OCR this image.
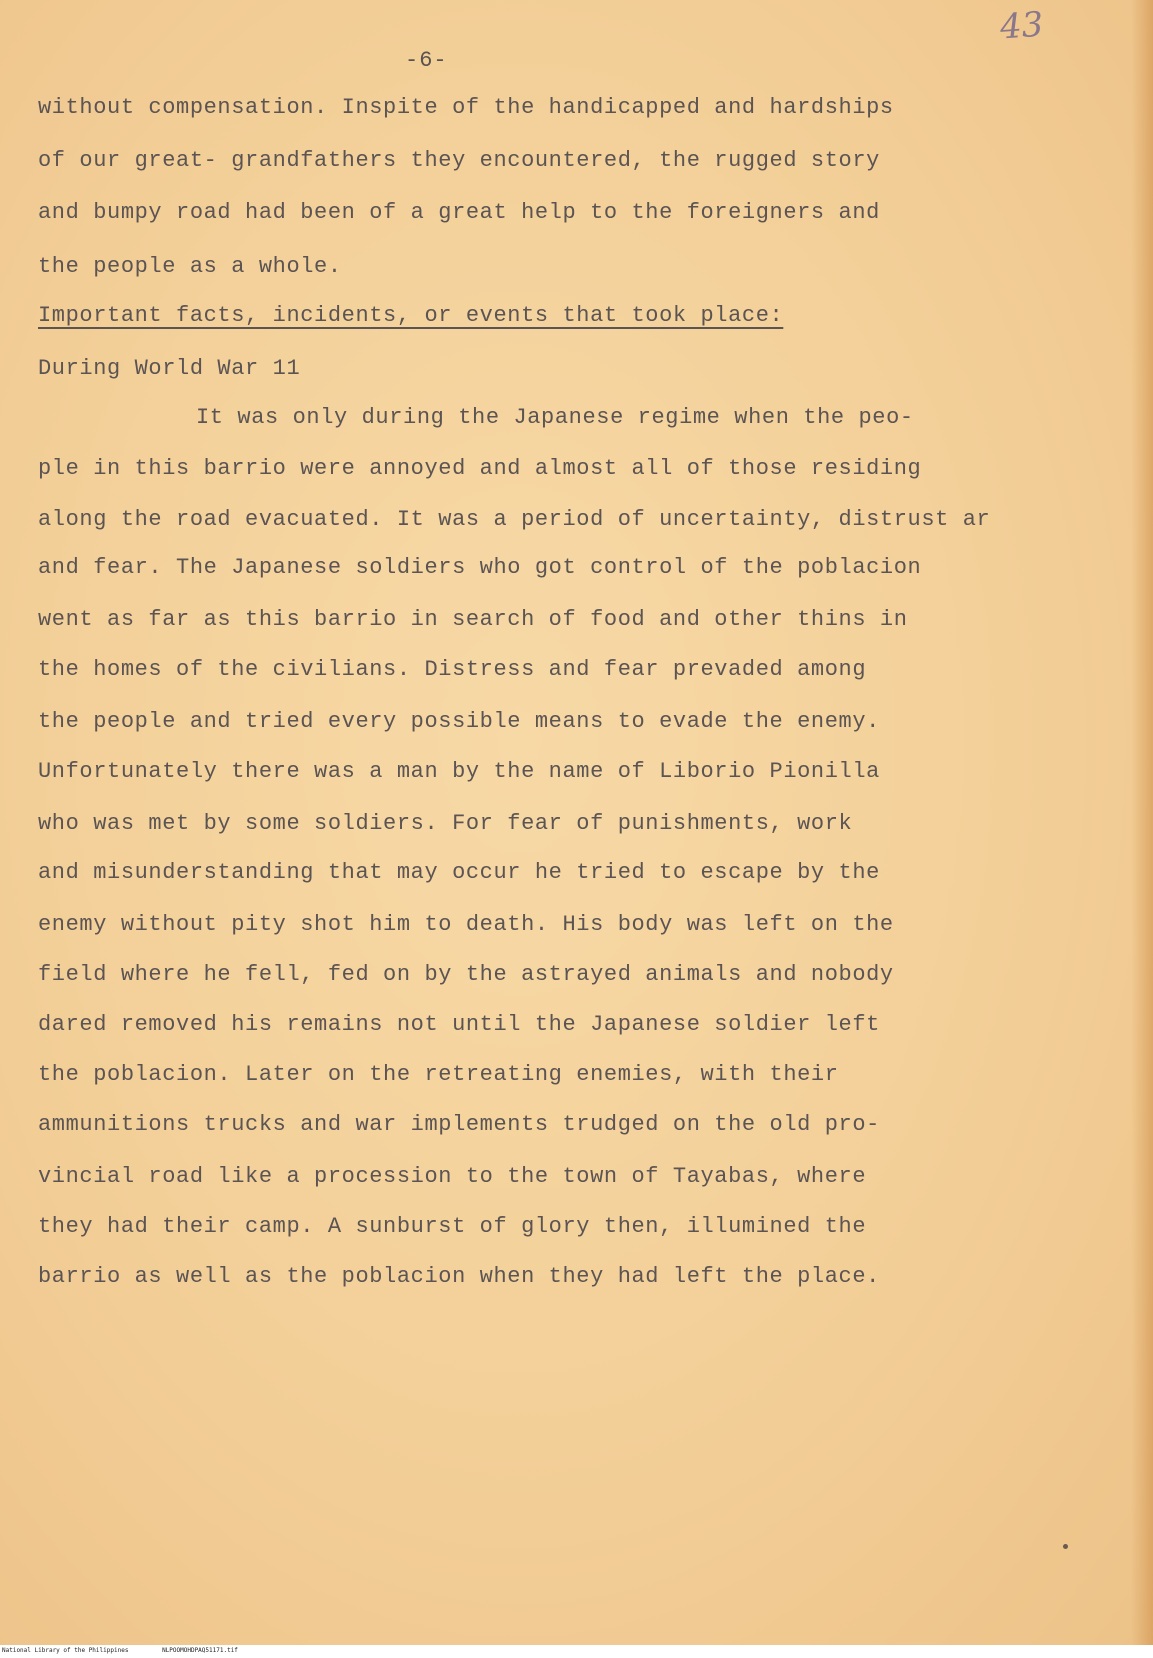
43
-6-
without compensation. Inspite of the handicapped and hardships
of our great- grandfathers they encountered, the rugged story
and bumpy road had been of a great help to the foreigners and
the people as a whole.
Important facts, incidents, or events that took place:
During World War 11
It was only during the Japanese regime when the peo-
ple in this barrio were annoyed and almost all of those residing
along the road evacuated. It was a period of uncertainty, distrust ar
and fear. The Japanese soldiers who got control of the poblacion
went as far as this barrio in search of food and other thins in
the homes of the civilians. Distress and fear prevaded among
the people and tried every possible means to evade the enemy.
Unfortunately there was a man by the name of Liborio Pionilla
who was met by some soldiers. For fear of punishments, work
and misunderstanding that may occur he tried to escape by the
enemy without pity shot him to death. His body was left on the
field where he fell, fed on by the astrayed animals and nobody
dared removed his remains not until the Japanese soldier left
the poblacion. Later on the retreating enemies, with their
ammunitions trucks and war implements trudged on the old pro-
vincial road like a procession to the town of Tayabas, where
they had their camp. A sunburst of glory then, illumined the
barrio as well as the poblacion when they had left the place.
National Library of the Philippines	NLPOOMOHDPAQ51171.tif
